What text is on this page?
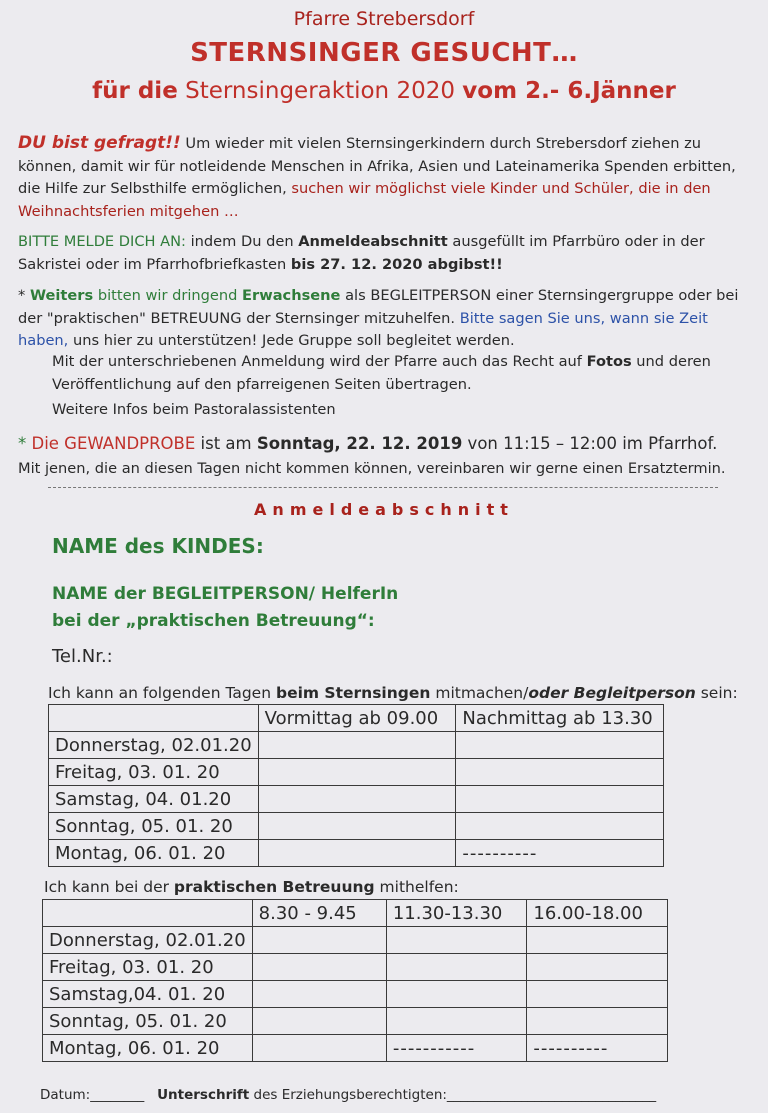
Pfarre Strebersdorf
STERNSINGER GESUCHT…
für die Sternsingeraktion 2020 vom 2.- 6.Jänner

DU bist gefragt!! Um wieder mit vielen Sternsingerkindern durch Strebersdorf ziehen zu können, damit wir für notleidende Menschen in Afrika, Asien und Lateinamerika Spenden erbitten, die Hilfe zur Selbsthilfe ermöglichen, suchen wir möglichst viele Kinder und Schüler, die in den Weihnachtsferien mitgehen …

BITTE MELDE DICH AN: indem Du den Anmeldeabschnitt ausgefüllt im Pfarrbüro oder in der Sakristei oder im Pfarrhofbriefkasten bis 27. 12. 2020 abgibst!!

* Weiters bitten wir dringend Erwachsene als BEGLEITPERSON einer Sternsingergruppe oder bei der "praktischen" BETREUUNG der Sternsinger mitzuhelfen. Bitte sagen Sie uns, wann sie Zeit haben, uns hier zu unterstützen! Jede Gruppe soll begleitet werden.

Mit der unterschriebenen Anmeldung wird der Pfarre auch das Recht auf Fotos und deren Veröffentlichung auf den pfarreigenen Seiten übertragen.

Weitere Infos beim Pastoralassistenten

* Die GEWANDPROBE ist am Sonntag, 22. 12. 2019 von 11:15 – 12:00 im Pfarrhof.

Mit jenen, die an diesen Tagen nicht kommen können, vereinbaren wir gerne einen Ersatztermin.

Anmeldeabschnitt
NAME des KINDES:
NAME der BEGLEITPERSON/ HelferIn
bei der „praktischen Betreuung“:
Tel.Nr.:

Ich kann an folgenden Tagen beim Sternsingen mitmachen/oder Begleitperson sein:

	Vormittag ab 09.00	Nachmittag ab 13.30
Donnerstag, 02.01.20		
Freitag, 03. 01. 20		
Samstag, 04. 01.20		
Sonntag, 05. 01. 20		
Montag, 06. 01. 20		----------

Ich kann bei der praktischen Betreuung mithelfen:

	8.30 - 9.45	11.30-13.30	16.00-18.00
Donnerstag, 02.01.20			
Freitag, 03. 01. 20			
Samstag,04. 01. 20			
Sonntag, 05. 01. 20			
Montag, 06. 01. 20		-----------	----------

Datum:________ Unterschrift des Erziehungsberechtigten:_______________________________
